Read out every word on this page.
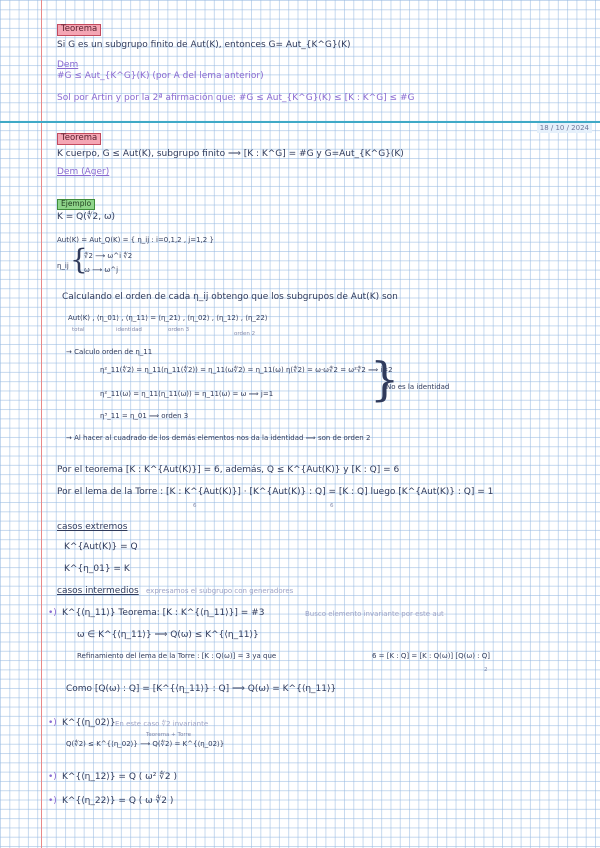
Teorema
Si G es un subgrupo finito de Aut(K), entonces G= Aut_{K^G}(K)
Dem
#G ≤ Aut_{K^G}(K) (por A del lema anterior)
Sol por Artin y por la 2ª afirmación que: #G ≤ Aut_{K^G}(K) ≤ [K : K^G] ≤ #G
18 / 10 / 2024
Teorema
K cuerpo, G ≤ Aut(K), subgrupo finito ⟹ [K : K^G] = #G y G=Aut_{K^G}(K)
Dem (Ager)
Ejemplo
K = Q(∜2, ω)
Aut(K) = Aut_Q(K) = { η_ij : i=0,1,2 , j=1,2 }
η_ij {
∜2 ⟶ ω^i ∜2
ω ⟶ ω^j
Calculando el orden de cada η_ij obtengo que los subgrupos de Aut(K) son
Aut(K) , ⟨η_01⟩ , ⟨η_11⟩ = ⟨η_21⟩ , ⟨η_02⟩ , ⟨η_12⟩ , ⟨η_22⟩
total	identidad	orden 3
orden 2
→ Calculo orden de η_11
η²_11(∜2) = η_11(η_11(∜2)) = η_11(ω∜2) = η_11(ω) η(∜2) = ω·ω∜2 = ω²∜2 ⟹ i=2
η²_11(ω) = η_11(η_11(ω)) = η_11(ω) = ω ⟹ j=1
η³_11 = η_01 ⟹ orden 3
}
No es la identidad
→ Al hacer al cuadrado de los demás elementos nos da la identidad ⟹ son de orden 2
Por el teorema [K : K^{Aut(K)}] = 6, además, Q ≤ K^{Aut(K)} y [K : Q] = 6
Por el lema de la Torre : [K : K^{Aut(K)}] · [K^{Aut(K)} : Q] = [K : Q] luego [K^{Aut(K)} : Q] = 1
6	6
casos extremos
K^{Aut(K)} = Q
K^{η_01} = K
casos intermedios expresamos el subgrupo con generadores
•) K^{⟨η_11⟩} Teorema: [K : K^{⟨η_11⟩}] = #3	Busco elemento invariante por este aut
ω ∈ K^{⟨η_11⟩} ⟹ Q(ω) ≤ K^{⟨η_11⟩}
Refinamiento del lema de la Torre : [K : Q(ω)] = 3 ya que	6 = [K : Q] = [K : Q(ω)] [Q(ω) : Q]
2
Como [Q(ω) : Q] = [K^{⟨η_11⟩} : Q] ⟹ Q(ω) = K^{⟨η_11⟩}
•) K^{⟨η_02⟩} En este caso ∜2 invariante
Q(∜2) ≤ K^{⟨η_02⟩} ⟶ Q(∜2) = K^{⟨η_02⟩}
Teorema + Torre
•) K^{⟨η_12⟩} = Q ( ω² ∜2 )
•) K^{⟨η_22⟩} = Q ( ω ∜2 )
